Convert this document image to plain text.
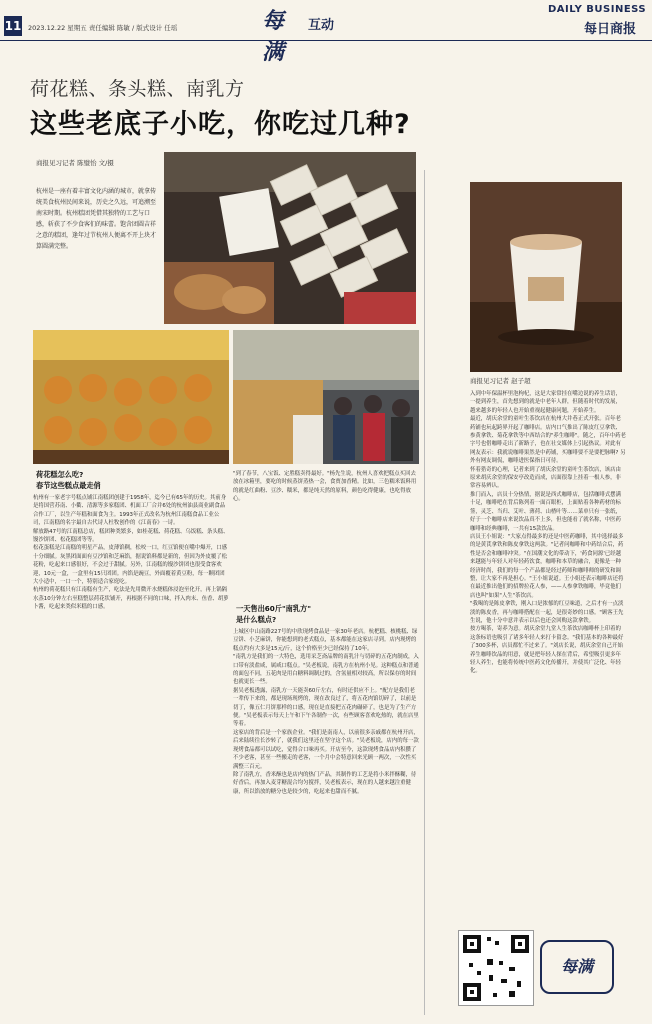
11 2023.12.22 星期五 责任编辑 陈敏 / 版式设计 任瑶	每满
互动
DAILY BUSINESS
每日商报
荷花糕、条头糕、南乳方
这些老底子小吃，你吃过几种?
商报见习记者 陈璧怡 文/摄
杭州是一座有着丰富文化内涵的城市，就拿传统美食杭州民间来说，历史之久远，可追溯至南宋时期。杭州糕团凭借其独特的工艺与口感，斩获了不少食客们的味蕾。饱含团圆吉祥之意的糕团，逢年过节杭州人便离不开上块才算圆满完整。
荷花糕怎么吃?
春节这些糕点最走俏
杭州有一家老字号糕点铺江南糕团创建于1958年，迄今已有65年的历史。其前身是将国营苏南、小衢、清源等多家糕团、机面工厂合并6处的杭州油县商业副食品合作工厂，以生产年糕和面食为主。1993年正式改名为杭州江南糕食品工业公司，江南糕的名字最自古代诗人杜牧创作的《江南春》一诗。
解放路47号的江南糕总店，糕团种类繁多，如桂花糕、荷花糕、乌饭糕、条头糕、馒沙饼团、松花糕团等等。
松花蛋糕是江南糕的明星产品，皮薄馅稠，松咬一口，红豆馅便在嘴中爆开，口感十分细腻。灰黑团面面有豆沙馅和芝麻馅，据说馅料都是新的，但因为外皮覆了松花粉，吃起来口感很好，不会过于甜腻。另外，江南糕的馒沙饼团也很受食客欢迎，10元一盒，一盒里有15只团团。内馅是豌豆，外面覆着黄豆粉，每一颗团团大小适中，一口一个，特别适合家庭吃。
杭州的荷花糕只有江南糕有生产，吃法是先用微开水烧糕体浸泡至化开，再上锅隔水蒸10分钟左右至糕整层荷花状铺开，再根据不同的口味，拌入肉末、鱼香、胡萝卜酱，吃起来类似米糕的口感。
"到了春节，八宝饭、定胜糕卖得最好。"杨先生说，杭州人喜欢把糕点买回去放在冰箱里，要吃的时候蒸饼蒸热一会，食贾加香精。比如，三色糯米饭料用的就是红曲粉、豆沙、糯米，都是纯天然的原料，颜色吃得健康，也吃得放心。
一天售出60斤"南乳方"
是什么糕点?
上城区中山南路227号的中欣现烤食品是一家30年老店。杭杷糕、核桃糕、绿豆饼、小芝麻饼，你能想到的老式糕点，基本都能在这家店寻到。店内现烤的糕点约有大多是15元/斤，这个价格至少已经保持了10年。
"南乳方是我们的一大特色，选用采芝斋品牌的南乳汁与切碎的五花肉制成，入口带有淡盐咸，属咸口糕点。"吴老板说，南乳方在杭州小见。这种糕点和普通的面包不同，五花肉是用白糖料调制过的，含氢量相对较高，所以保存的时间也就更长一些。
据吴老板透露，南乳方一天能卖60斤左右，有时还供应不上。"配方是我们老一辈传下来的，都是现场现烤的，现在改良过了，将五花肉馅切碎了，以前是切丁，像五仁月饼那样的口感，现在是直接把五花肉碾碎了，也是为了生产方便。"吴老板表示每天上午和下午各制作一次，有些顾客喜欢吃热的，就在店里等着。
这家店的背后是一个家族企业。"我们是南南人，以前很多亲戚都在杭州开店，后来陆续往长沙转了，就我们这里还在坚守这个店。"吴老板说，店内的每一款现烤食品都可以试吃，觉得合口味再买。开店至今，这款现烤食品店内积攒了不少老客，甚至一些搬走的老客，一个月中会特意回来光顾一两次，一次性买满整三百元。
除了南乳方，香米酥也是店内的热门产品，其制作的工艺是将小米拌酥糊，待好香后，再加入麦芽糖混合均匀搅拌，吴老板表示，现在的人越来越注重健康，所以馅放的糖分也是较少的，吃起来也甜而不腻。
商报见习记者 赵子超
入到中年保温杯里泡枸杞，这是大家常挂在嘴边说的养生话语，一提到养生，首先想到的就是中老年人群，但随着时代的发展，越来越多的年轻人也开始重视起健康问题，开始养生。
最近，胡庆余堂的童叶生茶饮店在杭州大井巷正式开张。百年老药铺也玩起跨界开起了咖啡店。店内口气推出了陈皮红豆拿铁、参黄拿铁、菊花拿铁等中西结合的"养生咖啡"。随之，百年中药老字号也借咖啡走出了新路子，也在社交媒体上引起热议。对此有网友表示：我就说咖啡果然是中药铺，买咖啡要不是要把脉啊? 另外有网友调侃，咖啡进医保指日可待。
怀着猎奇的心理，记者来到了胡庆余堂的童叶生茶饮店，该店由原来胡庆余堂的保安亭改造而成，店面很靠上挂着一根人参，非常容易辨认。
推门而入，店员十分热情，据说是西式咖啡店，包括咖啡式摆满十足，咖啡吧在背后陈列着一面百眼柜，上面贴着各种药材的标签，灵芝、当归、艾叶、薄荷、山楂叶等……菜单只有一张纸，好于一个咖啡店来说饮品真不上多，但也能看了就名称，中医药咖啡和经典咖啡，一共有15款饮品。
店员王小姐说："大家点得最多的还是中医药咖啡，其中选择最多的是黄芪拿铁和陈皮拿铁这两款。"记者问咖啡和中药结合后，药性是否会和咖啡冲突。"在国潮文化的带动下，'药食同源'已经越来越能与年轻人对年轻药饮食，咖啡和本草的融合，更像是一种经济时尚，我们的每一个产品都是经过药师和咖啡师的研发和调整，让大家不再是担心。"王小姐说道。王小姐还表示咖啡店还将在最近推出他们的招牌拉花人参，——人参拿铁咖啡，毕竟他们店也叫"如果"人生"茶饮店。
"我喝的是陈皮拿铁，刚入口是浓郁的红豆味道，之后才有一点淡淡的陈皮香，再与咖啡搭配在一起，是很奇妙的口感。"顾客王先生说，他十分中意并表示以后也还会回购这款拿铁。
按方喝茶，寄养为意。胡庆余堂九堂人生茶饮店咖啡杯上印着的这条标语也吸引了诸多年轻人来打卡留念。"我们基本的各种最好了300多杯，店员都忙不过来了。"刘店长说，胡庆余堂自己开始养生咖啡饮品的用意，就是把年轻人探在背后，希望吸引更多年轻人养生，也能将传统中医药文化传播开，并使其广泛化、年轻化。
每满
